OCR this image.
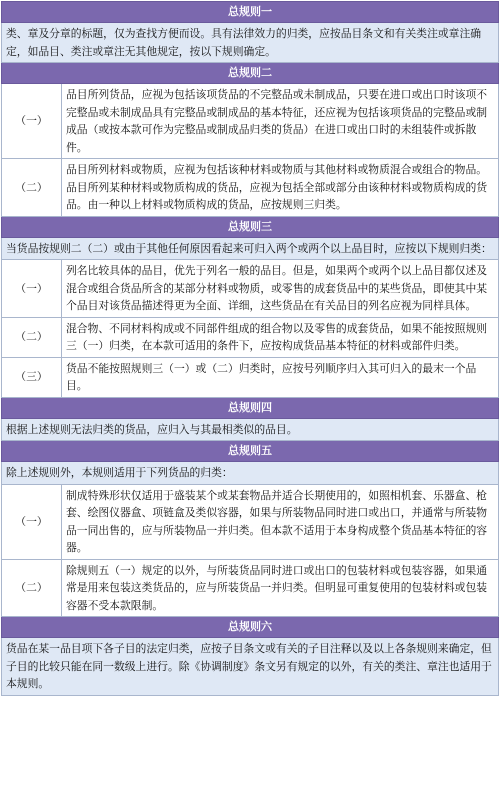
总规则一	
类、章及分章的标题，仅为查找方便而设。具有法律效力的归类，应按品目条文和有关类注或章注确定，如品目、类注或章注无其他规定，按以下规则确定。	
总规则二	
（一）	品目所列货品，应视为包括该项货品的不完整品或未制成品，只要在进口或出口时该项不完整品或未制成品具有完整品或制成品的基本特征，还应视为包括该项货品的完整品或制成品（或按本款可作为完整品或制成品归类的货品）在进口或出口时的未组装件或拆散件。
（二）	品目所列材料或物质，应视为包括该种材料或物质与其他材料或物质混合或组合的物品。品目所列某种材料或物质构成的货品，应视为包括全部或部分由该种材料或物质构成的货品。由一种以上材料或物质构成的货品，应按规则三归类。
总规则三	
当货品按规则二（二）或由于其他任何原因看起来可归入两个或两个以上品目时，应按以下规则归类：	
（一）	列名比较具体的品目，优先于列名一般的品目。但是，如果两个或两个以上品目都仅述及混合或组合货品所含的某部分材料或物质，或零售的成套货品中的某些货品，即使其中某个品目对该货品描述得更为全面、详细，这些货品在有关品目的列名应视为同样具体。
（二）	混合物、不同材料构成或不同部件组成的组合物以及零售的成套货品，如果不能按照规则三（一）归类，在本款可适用的条件下，应按构成货品基本特征的材料或部件归类。
（三）	货品不能按照规则三（一）或（二）归类时，应按号列顺序归入其可归入的最末一个品目。
总规则四	
根据上述规则无法归类的货品，应归入与其最相类似的品目。	
总规则五	
除上述规则外，本规则适用于下列货品的归类：	
（一）	制成特殊形状仅适用于盛装某个或某套物品并适合长期使用的，如照相机套、乐器盒、枪套、绘图仪器盒、项链盒及类似容器，如果与所装物品同时进口或出口，并通常与所装物品一同出售的，应与所装物品一并归类。但本款不适用于本身构成整个货品基本特征的容器。
（二）	除规则五（一）规定的以外，与所装货品同时进口或出口的包装材料或包装容器，如果通常是用来包装这类货品的，应与所装货品一并归类。但明显可重复使用的包装材料或包装容器不受本款限制。
总规则六	
货品在某一品目项下各子目的法定归类，应按子目条文或有关的子目注释以及以上各条规则来确定，但子目的比较只能在同一数级上进行。除《协调制度》条文另有规定的以外，有关的类注、章注也适用于本规则。	
